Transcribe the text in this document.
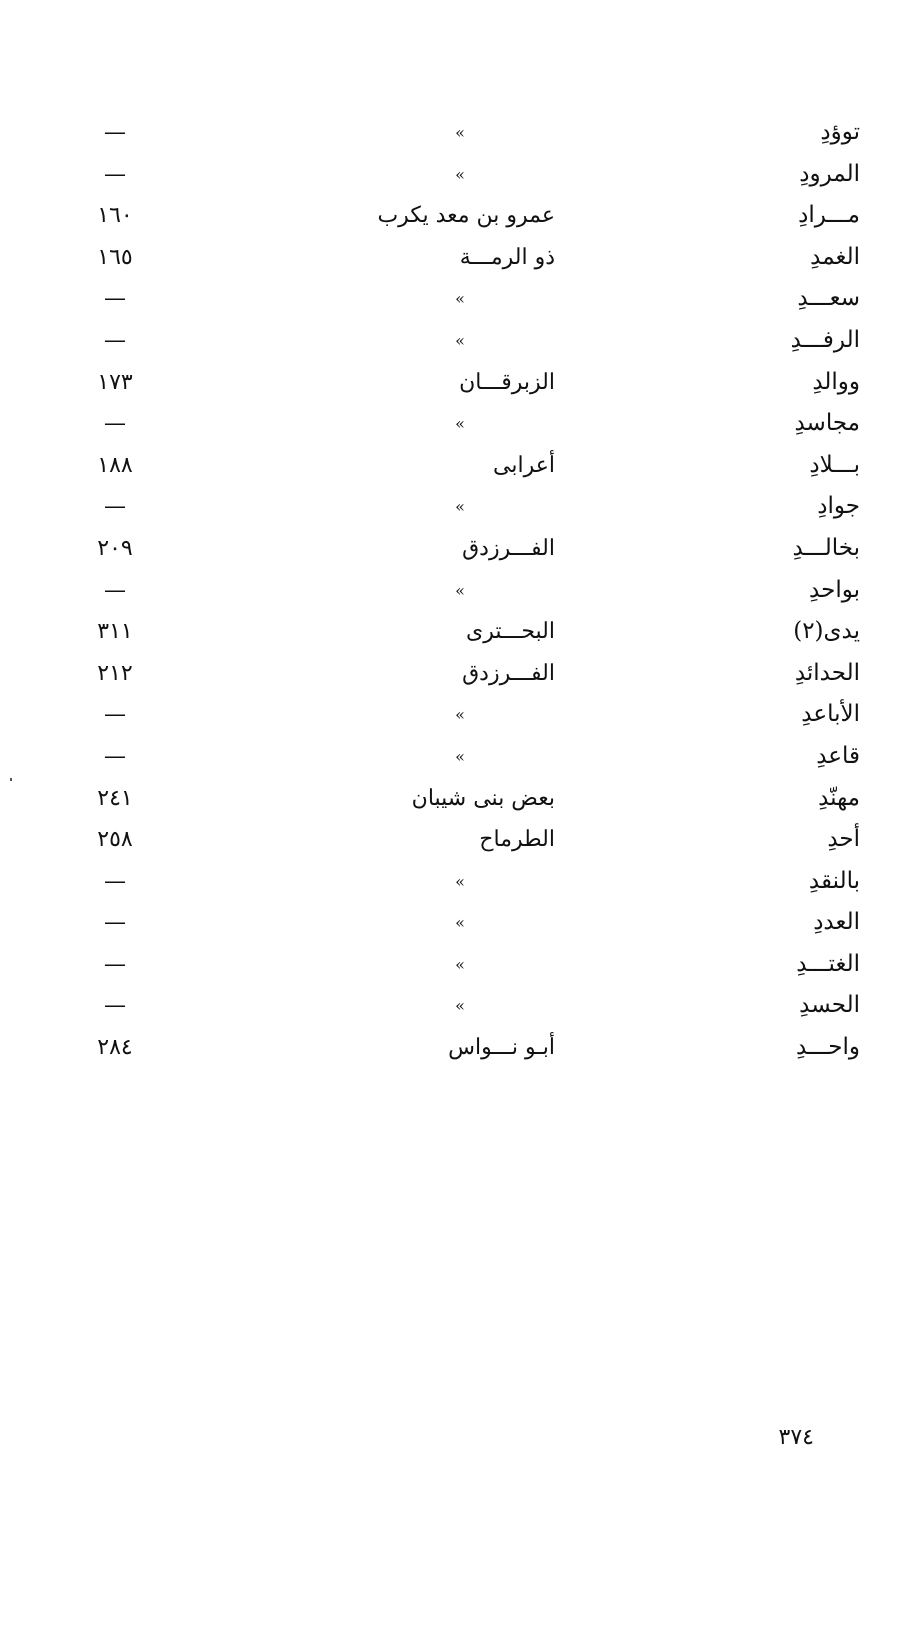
توؤدِ
»
—
المرودِ
»
—
مـــرادِ
عمرو بن معد يكرب
١٦٠
الغمدِ
ذو الرمـــة
١٦٥
سعـــدِ
»
—
الرفـــدِ
»
—
ووالدِ
الزبرقـــان
١٧٣
مجاسدِ
»
—
بـــلادِ
أعرابى
١٨٨
جوادِ
»
—
بخالـــدِ
الفـــرزدق
٢٠٩
بواحدِ
»
—
يدى(٢)
البحـــترى
٣١١
الحدائدِ
الفـــرزدق
٢١٢
الأباعدِ
»
—
قاعدِ
»
—
مهنّدِ
بعض بنى شيبان
٢٤١
أحدِ
الطرماح
٢٥٨
بالنقدِ
»
—
العددِ
»
—
الغتـــدِ
»
—
الحسدِ
»
—
واحـــدِ
أبـو نـــواس
٢٨٤
٣٧٤
